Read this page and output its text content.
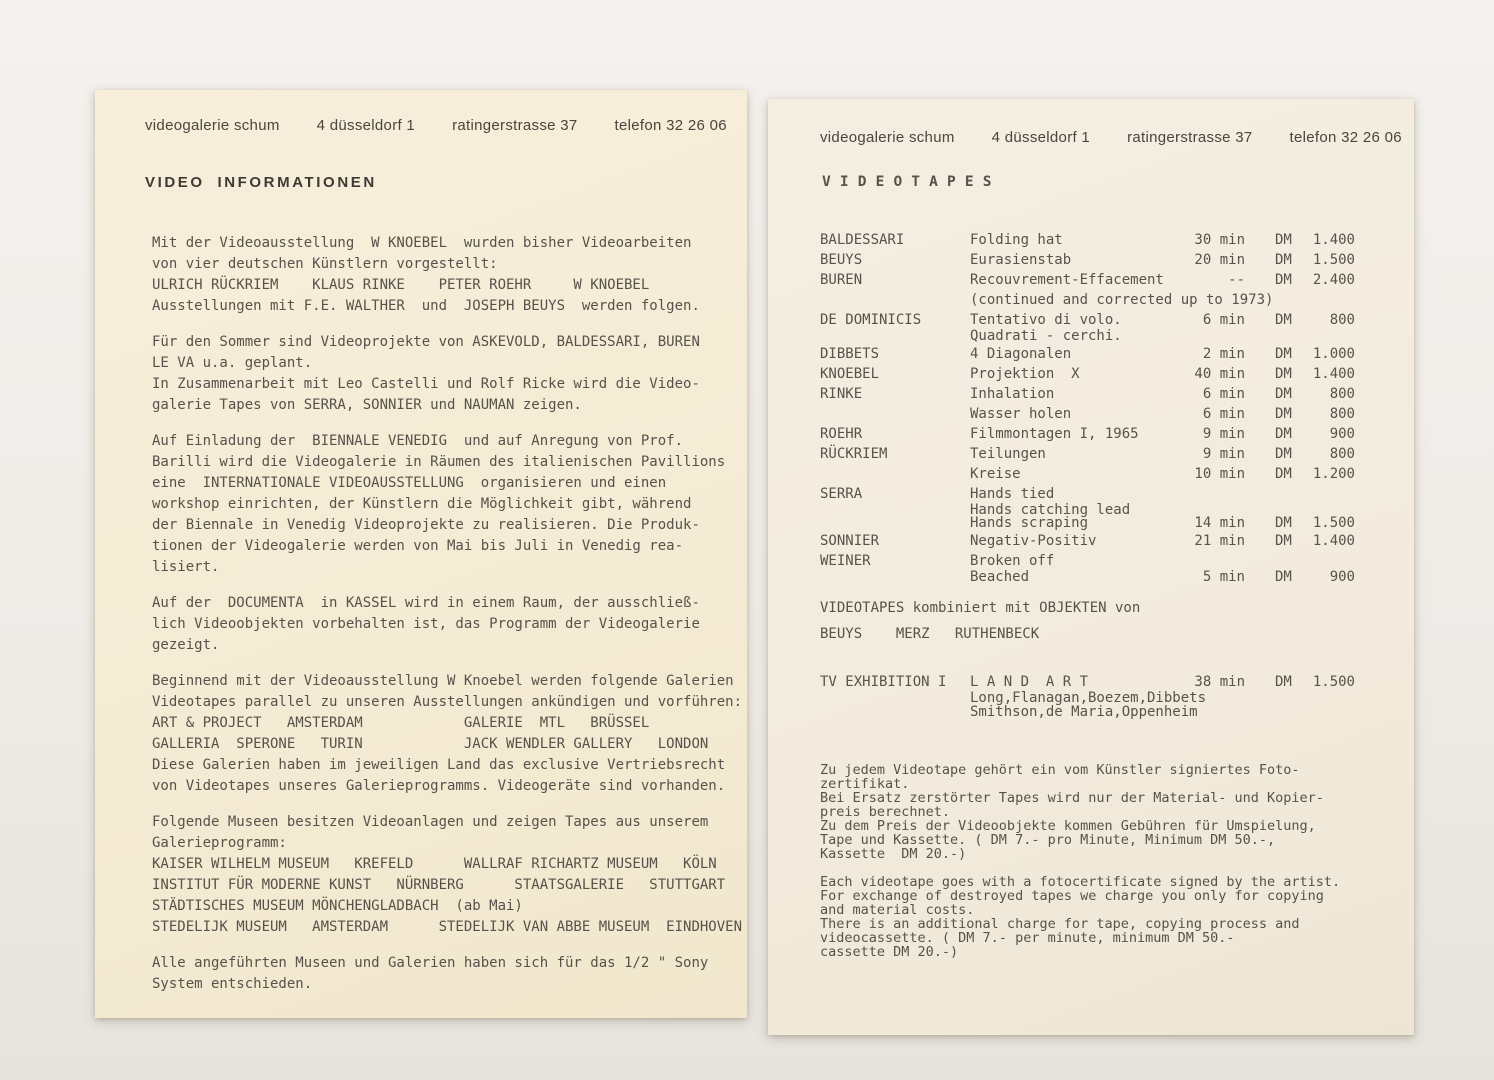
videogalerie schum 4 düsseldorf 1 ratingerstrasse 37 telefon 32 26 06
VIDEO INFORMATIONEN
Mit der Videoausstellung  W KNOEBEL  wurden bisher Videoarbeiten
von vier deutschen Künstlern vorgestellt:
ULRICH RÜCKRIEM    KLAUS RINKE    PETER ROEHR     W KNOEBEL
Ausstellungen mit F.E. WALTHER  und  JOSEPH BEUYS  werden folgen.
Für den Sommer sind Videoprojekte von ASKEVOLD, BALDESSARI, BUREN
LE VA u.a. geplant.
In Zusammenarbeit mit Leo Castelli und Rolf Ricke wird die Video-
galerie Tapes von SERRA, SONNIER und NAUMAN zeigen.
Auf Einladung der  BIENNALE VENEDIG  und auf Anregung von Prof.
Barilli wird die Videogalerie in Räumen des italienischen Pavillions
eine  INTERNATIONALE VIDEOAUSSTELLUNG  organisieren und einen
workshop einrichten, der Künstlern die Möglichkeit gibt, während
der Biennale in Venedig Videoprojekte zu realisieren. Die Produk-
tionen der Videogalerie werden von Mai bis Juli in Venedig rea-
lisiert.
Auf der  DOCUMENTA  in KASSEL wird in einem Raum, der ausschließ-
lich Videoobjekten vorbehalten ist, das Programm der Videogalerie
gezeigt.
Beginnend mit der Videoausstellung W Knoebel werden folgende Galerien
Videotapes parallel zu unseren Ausstellungen ankündigen und vorführen:
ART & PROJECT   AMSTERDAM            GALERIE  MTL   BRÜSSEL
GALLERIA  SPERONE   TURIN            JACK WENDLER GALLERY   LONDON
Diese Galerien haben im jeweiligen Land das exclusive Vertriebsrecht
von Videotapes unseres Galerieprogramms. Videogeräte sind vorhanden.
Folgende Museen besitzen Videoanlagen und zeigen Tapes aus unserem
Galerieprogramm:
KAISER WILHELM MUSEUM   KREFELD      WALLRAF RICHARTZ MUSEUM   KÖLN
INSTITUT FÜR MODERNE KUNST   NÜRNBERG      STAATSGALERIE   STUTTGART
STÄDTISCHES MUSEUM MÖNCHENGLADBACH  (ab Mai)
STEDELIJK MUSEUM   AMSTERDAM      STEDELIJK VAN ABBE MUSEUM  EINDHOVEN
Alle angeführten Museen und Galerien haben sich für das 1/2 " Sony
System entschieden.
videogalerie schum 4 düsseldorf 1 ratingerstrasse 37 telefon 32 26 06
V I D E O T A P E S
BALDESSARI	Folding hat	30 min	DM	1.400
BEUYS	Eurasienstab	20 min	DM	1.500
BUREN	Recouvrement-Effacement	--	DM	2.400
(continued and corrected up to 1973)
DE DOMINICIS	Tentativo di volo.	6 min	DM	800
Quadrati - cerchi.
DIBBETS	4 Diagonalen	2 min	DM	1.000
KNOEBEL	Projektion  X	40 min	DM	1.400
RINKE	Inhalation	6 min	DM	800
Wasser holen	6 min	DM	800
ROEHR	Filmmontagen I, 1965	9 min	DM	900
RÜCKRIEM	Teilungen	9 min	DM	800
Kreise	10 min	DM	1.200
SERRA	Hands tied
Hands catching lead
Hands scraping	14 min	DM	1.500
SONNIER	Negativ-Positiv	21 min	DM	1.400
WEINER	Broken off
Beached	5 min	DM	900
VIDEOTAPES kombiniert mit OBJEKTEN von
BEUYS    MERZ   RUTHENBECK
TV EXHIBITION I	L A N D  A R T	38 min	DM	1.500
Long,Flanagan,Boezem,Dibbets
Smithson,de Maria,Oppenheim
Zu jedem Videotape gehört ein vom Künstler signiertes Foto-
zertifikat.
Bei Ersatz zerstörter Tapes wird nur der Material- und Kopier-
preis berechnet.
Zu dem Preis der Videoobjekte kommen Gebühren für Umspielung,
Tape und Kassette. ( DM 7.- pro Minute, Minimum DM 50.-,
Kassette  DM 20.-)
Each videotape goes with a fotocertificate signed by the artist.
For exchange of destroyed tapes we charge you only for copying
and material costs.
There is an additional charge for tape, copying process and
videocassette. ( DM 7.- per minute, minimum DM 50.-
cassette DM 20.-)
